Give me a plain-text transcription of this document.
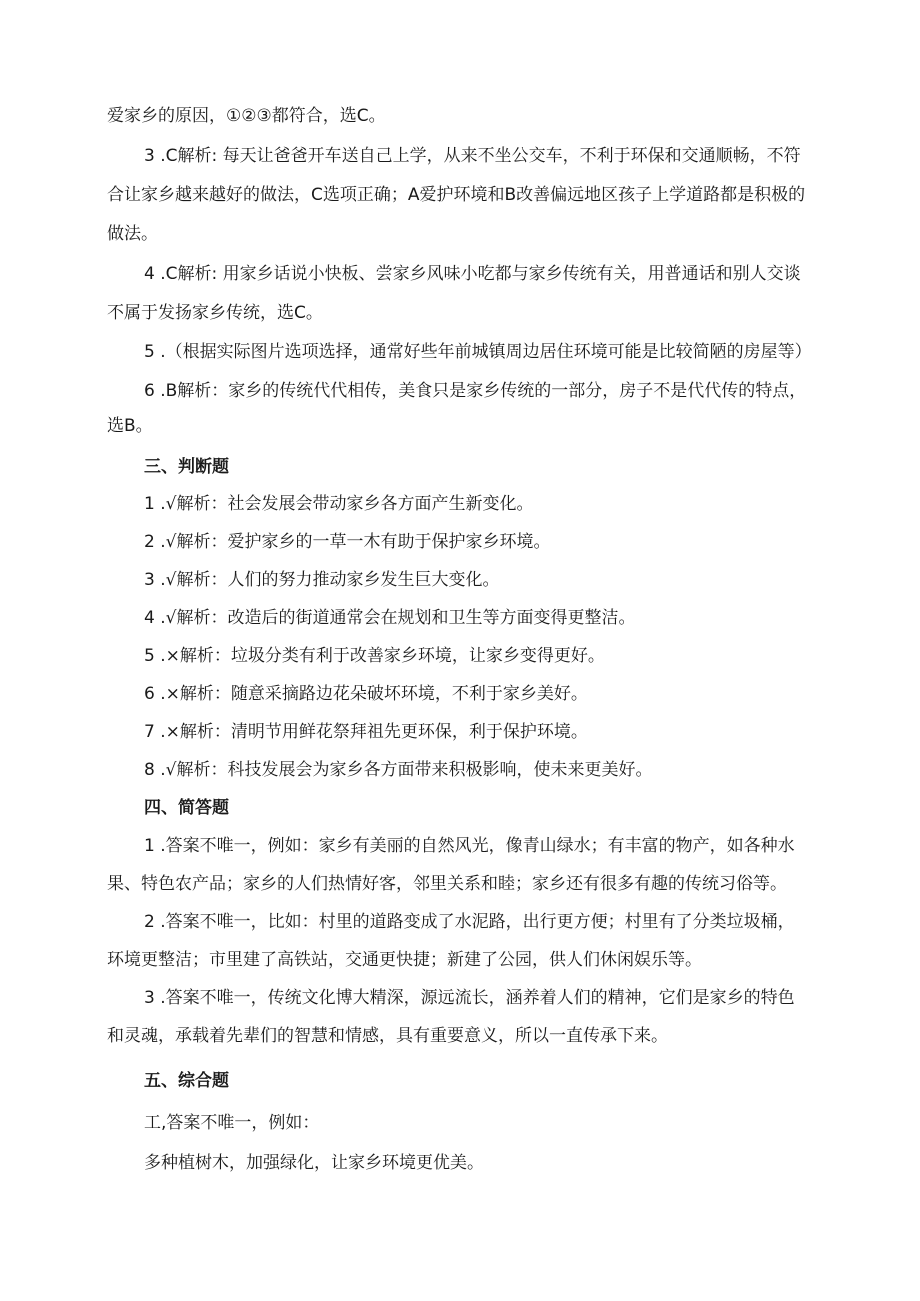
爱家乡的原因，①②③都符合，选C。
3 .C解析: 每天让爸爸开车送自己上学，从来不坐公交车，不利于环保和交通顺畅，不符
合让家乡越来越好的做法，C选项正确；A爱护环境和B改善偏远地区孩子上学道路都是积极的
做法。
4 .C解析: 用家乡话说小快板、尝家乡风味小吃都与家乡传统有关，用普通话和别人交谈
不属于发扬家乡传统，选C。
5 .（根据实际图片选项选择，通常好些年前城镇周边居住环境可能是比较简陋的房屋等）
6 .B解析：家乡的传统代代相传，美食只是家乡传统的一部分，房子不是代代传的特点，
选B。
三、判断题
1 .√解析：社会发展会带动家乡各方面产生新变化。
2 .√解析：爱护家乡的一草一木有助于保护家乡环境。
3 .√解析：人们的努力推动家乡发生巨大变化。
4 .√解析：改造后的街道通常会在规划和卫生等方面变得更整洁。
5 .×解析：垃圾分类有利于改善家乡环境，让家乡变得更好。
6 .×解析：随意采摘路边花朵破坏环境，不利于家乡美好。
7 .×解析：清明节用鲜花祭拜祖先更环保，利于保护环境。
8 .√解析：科技发展会为家乡各方面带来积极影响，使未来更美好。
四、简答题
1 .答案不唯一，例如：家乡有美丽的自然风光，像青山绿水；有丰富的物产，如各种水
果、特色农产品；家乡的人们热情好客，邻里关系和睦；家乡还有很多有趣的传统习俗等。
2 .答案不唯一，比如：村里的道路变成了水泥路，出行更方便；村里有了分类垃圾桶，
环境更整洁；市里建了高铁站，交通更快捷；新建了公园，供人们休闲娱乐等。
3 .答案不唯一，传统文化博大精深，源远流长，涵养着人们的精神，它们是家乡的特色
和灵魂，承载着先辈们的智慧和情感，具有重要意义，所以一直传承下来。
五、综合题
工,答案不唯一，例如：
多种植树木，加强绿化，让家乡环境更优美。
